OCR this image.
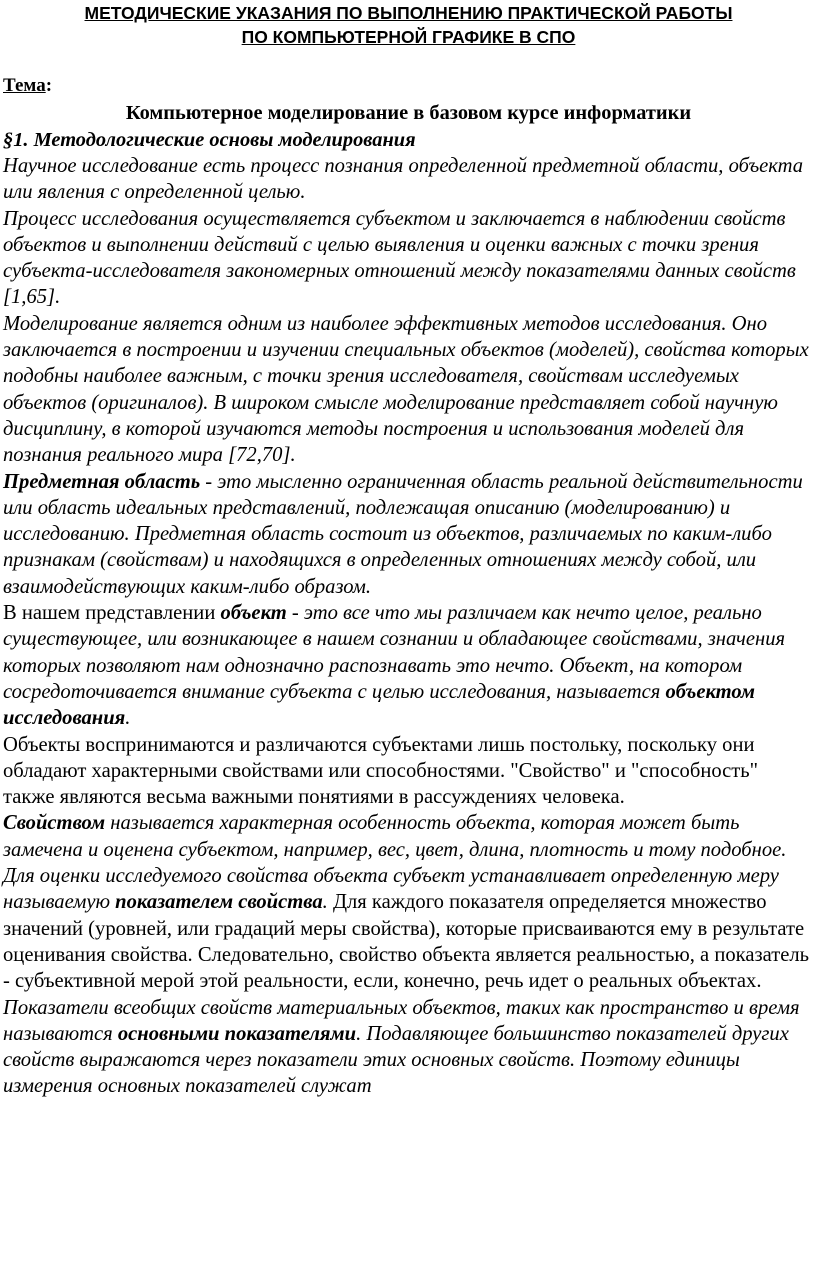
МЕТОДИЧЕСКИЕ УКАЗАНИЯ ПО ВЫПОЛНЕНИЮ ПРАКТИЧЕСКОЙ РАБОТЫ
ПО КОМПЬЮТЕРНОЙ ГРАФИКЕ В СПО
Тема:
Компьютерное моделирование в базовом курсе информатики
§1. Методологические основы моделирования

Научное исследование есть процесс познания определенной предметной области, объекта или явления с определенной целью.

Процесс исследования осуществляется субъектом и заключается в наблюдении свойств объектов и выполнении действий с целью выявления и оценки важных с точки зрения субъекта-исследователя закономерных отношений между показателями данных свойств [1,65].

Моделирование является одним из наиболее эффективных методов исследования. Оно заключается в построении и изучении специальных объектов (моделей), свойства которых подобны наиболее важным, с точки зрения исследователя, свойствам исследуемых объектов (оригиналов). В широком смысле моделирование представляет собой научную дисциплину, в которой изучаются методы построения и использования моделей для познания реального мира [72,70].

Предметная область - это мысленно ограниченная область реальной действительности или область идеальных представлений, подлежащая описанию (моделированию) и исследованию. Предметная область состоит из объектов, различаемых по каким-либо признакам (свойствам) и находящихся в определенных отношениях между собой, или взаимодействующих каким-либо образом.

В нашем представлении объект - это все что мы различаем как нечто целое, реально существующее, или возникающее в нашем сознании и обладающее свойствами, значения которых позволяют нам однозначно распознавать это нечто. Объект, на котором сосредоточивается внимание субъекта с целью исследования, называется объектом исследования.

Объекты воспринимаются и различаются субъектами лишь постольку, поскольку они обладают характерными свойствами или способностями. "Свойство" и "способность" также являются весьма важными понятиями в рассуждениях человека.

Свойством называется характерная особенность объекта, которая может быть замечена и оценена субъектом, например, вес, цвет, длина, плотность и тому подобное. Для оценки исследуемого свойства объекта субъект устанавливает определенную меру называемую показателем свойства. Для каждого показателя определяется множество значений (уровней, или градаций меры свойства), которые присваиваются ему в результате оценивания свойства. Следовательно, свойство объекта является реальностью, а показатель - субъективной мерой этой реальности, если, конечно, речь идет о реальных объектах.

Показатели всеобщих свойств материальных объектов, таких как пространство и время называются основными показателями. Подавляющее большинство показателей других свойств выражаются через показатели этих основных свойств. Поэтому единицы измерения основных показателей служат
